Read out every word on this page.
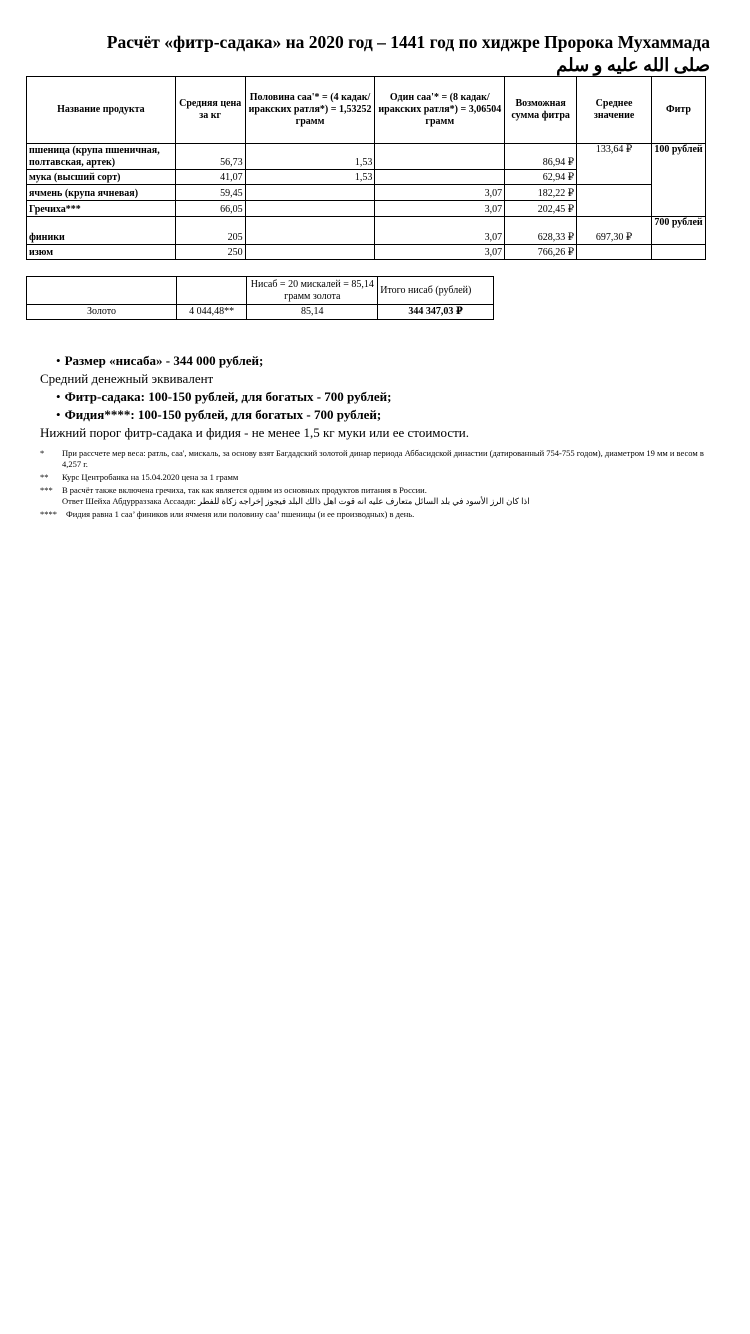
Расчёт «фитр-садака» на 2020 год – 1441 год по хиджре Пророка Мухаммада
صلى الله عليه و سلم
Название продукта	Средняя цена за кг	Половина саа'* = (4 кадак/иракских ратля*) = 1,53252 грамм	Один саа'* = (8 кадак/ иракских ратля*) = 3,06504 грамм	Возможная сумма фитра	Среднее значение	Фитр
пшеница (крупа пшеничная, полтавская, артек)	56,73	1,53		86,94 ₽	133,64 ₽	100 рублей
мука (высший сорт)	41,07	1,53		62,94 ₽		
ячмень (крупа ячневая)	59,45		3,07	182,22 ₽		
Гречиха***	66,05		3,07	202,45 ₽		
финики	205		3,07	628,33 ₽	697,30 ₽	700 рублей
изюм	250		3,07	766,26 ₽		
		Нисаб = 20 мискалей = 85,14 грамм золота	Итого нисаб (рублей)
Золото	4 044,48**	85,14	344 347,03 ₽
• Размер «нисаба» - 344 000 рублей;
Средний денежный эквивалент
• Фитр-садака: 100-150 рублей, для богатых - 700 рублей;
• Фидия****: 100-150 рублей, для богатых - 700 рублей;
Нижний порог фитр-садака и фидия - не менее 1,5 кг муки или ее стоимости.
*	При рассчете мер веса: ратль, саа', мискаль, за основу взят Багдадский золотой динар периода Аббасидской династии (датированный 754-755 годом), диаметром 19 мм и весом в 4,257 г.
**	Курс Центробанка на 15.04.2020 цена за 1 грамм
***	В расчёт также включена гречиха, так как является одним из основных продуктов питания в России.
Ответ Шейха Абдурраззака Ассаади: اذا كان الرز الأسود في بلد السائل متعارف عليه انه قوت اهل ذالك البلد فيجوز إخراجه زكاة للفطر
****	Фидия равна 1 саа’ фиников или ячменя или половину саа’ пшеницы (и ее производных) в день.
